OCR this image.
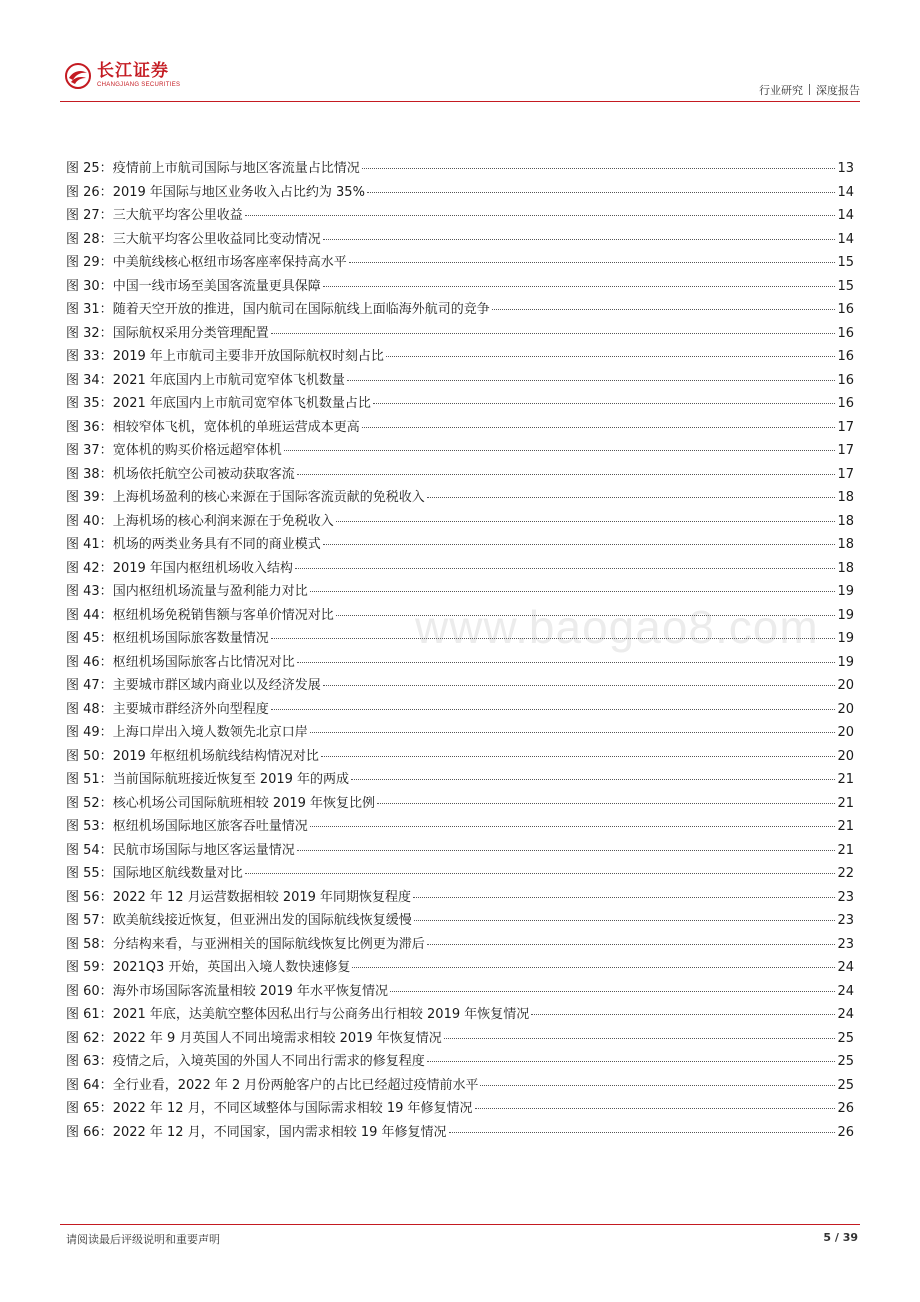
长江证券
CHANGJIANG SECURITIES	行业研究 深度报告
图 25： 疫情前上市航司国际与地区客流量占比情况	13
图 26： 2019 年国际与地区业务收入占比约为 35%	14
图 27： 三大航平均客公里收益	14
图 28： 三大航平均客公里收益同比变动情况	14
图 29： 中美航线核心枢纽市场客座率保持高水平	15
图 30： 中国一线市场至美国客流量更具保障	15
图 31： 随着天空开放的推进，国内航司在国际航线上面临海外航司的竞争	16
图 32： 国际航权采用分类管理配置	16
图 33： 2019 年上市航司主要非开放国际航权时刻占比	16
图 34： 2021 年底国内上市航司宽窄体飞机数量	16
图 35： 2021 年底国内上市航司宽窄体飞机数量占比	16
图 36： 相较窄体飞机，宽体机的单班运营成本更高	17
图 37： 宽体机的购买价格远超窄体机	17
图 38： 机场依托航空公司被动获取客流	17
图 39： 上海机场盈利的核心来源在于国际客流贡献的免税收入	18
图 40： 上海机场的核心利润来源在于免税收入	18
图 41： 机场的两类业务具有不同的商业模式	18
图 42： 2019 年国内枢纽机场收入结构	18
图 43： 国内枢纽机场流量与盈利能力对比	19
图 44： 枢纽机场免税销售额与客单价情况对比	19
图 45： 枢纽机场国际旅客数量情况	19
图 46： 枢纽机场国际旅客占比情况对比	19
图 47： 主要城市群区域内商业以及经济发展	20
图 48： 主要城市群经济外向型程度	20
图 49： 上海口岸出入境人数领先北京口岸	20
图 50： 2019 年枢纽机场航线结构情况对比	20
图 51： 当前国际航班接近恢复至 2019 年的两成	21
图 52： 核心机场公司国际航班相较 2019 年恢复比例	21
图 53： 枢纽机场国际地区旅客吞吐量情况	21
图 54： 民航市场国际与地区客运量情况	21
图 55： 国际地区航线数量对比	22
图 56： 2022 年 12 月运营数据相较 2019 年同期恢复程度	23
图 57： 欧美航线接近恢复，但亚洲出发的国际航线恢复缓慢	23
图 58： 分结构来看，与亚洲相关的国际航线恢复比例更为滞后	23
图 59： 2021Q3 开始，英国出入境人数快速修复	24
图 60： 海外市场国际客流量相较 2019 年水平恢复情况	24
图 61： 2021 年底，达美航空整体因私出行与公商务出行相较 2019 年恢复情况	24
图 62： 2022 年 9 月英国人不同出境需求相较 2019 年恢复情况	25
图 63： 疫情之后，入境英国的外国人不同出行需求的修复程度	25
图 64： 全行业看，2022 年 2 月份两舱客户的占比已经超过疫情前水平	25
图 65： 2022 年 12 月，不同区域整体与国际需求相较 19 年修复情况	26
图 66： 2022 年 12 月，不同国家，国内需求相较 19 年修复情况	26
www.baogao8.com
请阅读最后评级说明和重要声明	5 / 39
